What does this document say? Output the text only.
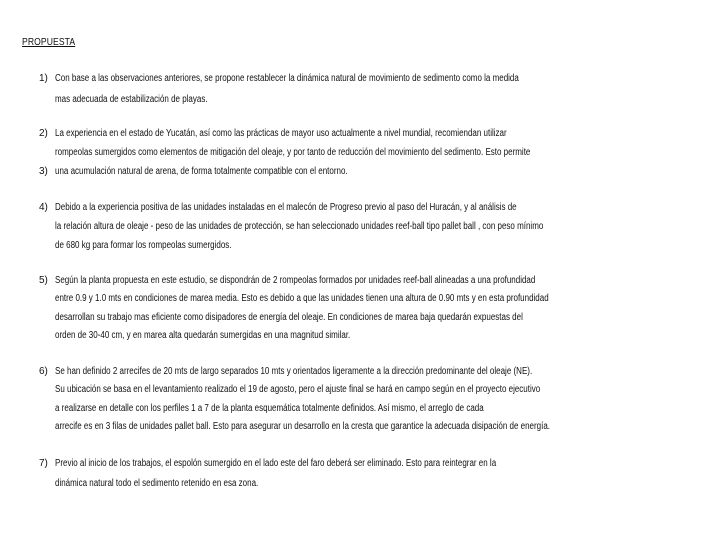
PROPUESTA
1) Con base a las observaciones anteriores, se propone restablecer la dinámica natural de movimiento de sedimento como la medida
mas adecuada de estabilización de playas.
2) La experiencia en el estado de Yucatán, así como las prácticas de mayor uso actualmente a nivel mundial, recomiendan utilizar
rompeolas sumergidos como elementos de mitigación del oleaje, y por tanto de reducción del movimiento del sedimento. Esto permite
3) una acumulación natural de arena, de forma totalmente compatible con el entorno.
4) Debido a la experiencia positiva de las unidades instaladas en el malecón de Progreso previo al paso del Huracán, y al análisis de
la relación altura de oleaje - peso de las unidades de protección, se han seleccionado unidades reef-ball tipo pallet ball , con peso mínimo
de 680 kg para formar los rompeolas sumergidos.
5) Según la planta propuesta en este estudio, se dispondrán de 2 rompeolas formados por unidades reef-ball alineadas a una profundidad
entre 0.9 y 1.0 mts en condiciones de marea media. Esto es debido a que las unidades tienen una altura de 0.90 mts y en esta profundidad
desarrollan su trabajo mas eficiente como disipadores de energía del oleaje. En condiciones de marea baja quedarán expuestas del
orden de 30-40 cm, y en marea alta quedarán sumergidas en una magnitud similar.
6) Se han definido 2 arrecifes de 20 mts de largo separados 10 mts y orientados ligeramente a la dirección predominante del oleaje (NE).
Su ubicación se basa en el levantamiento realizado el 19 de agosto, pero el ajuste final se hará en campo según en el proyecto ejecutivo
a realizarse en detalle con los perfiles 1 a 7 de la planta esquemática totalmente definidos. Así mismo, el arreglo de cada
arrecife es en 3 filas de unidades pallet ball. Esto para asegurar un desarrollo en la cresta que garantice la adecuada disipación de energía.
7) Previo al inicio de los trabajos, el espolón sumergido en el lado este del faro deberá ser eliminado. Esto para reintegrar en la
dinámica natural todo el sedimento retenido en esa zona.
